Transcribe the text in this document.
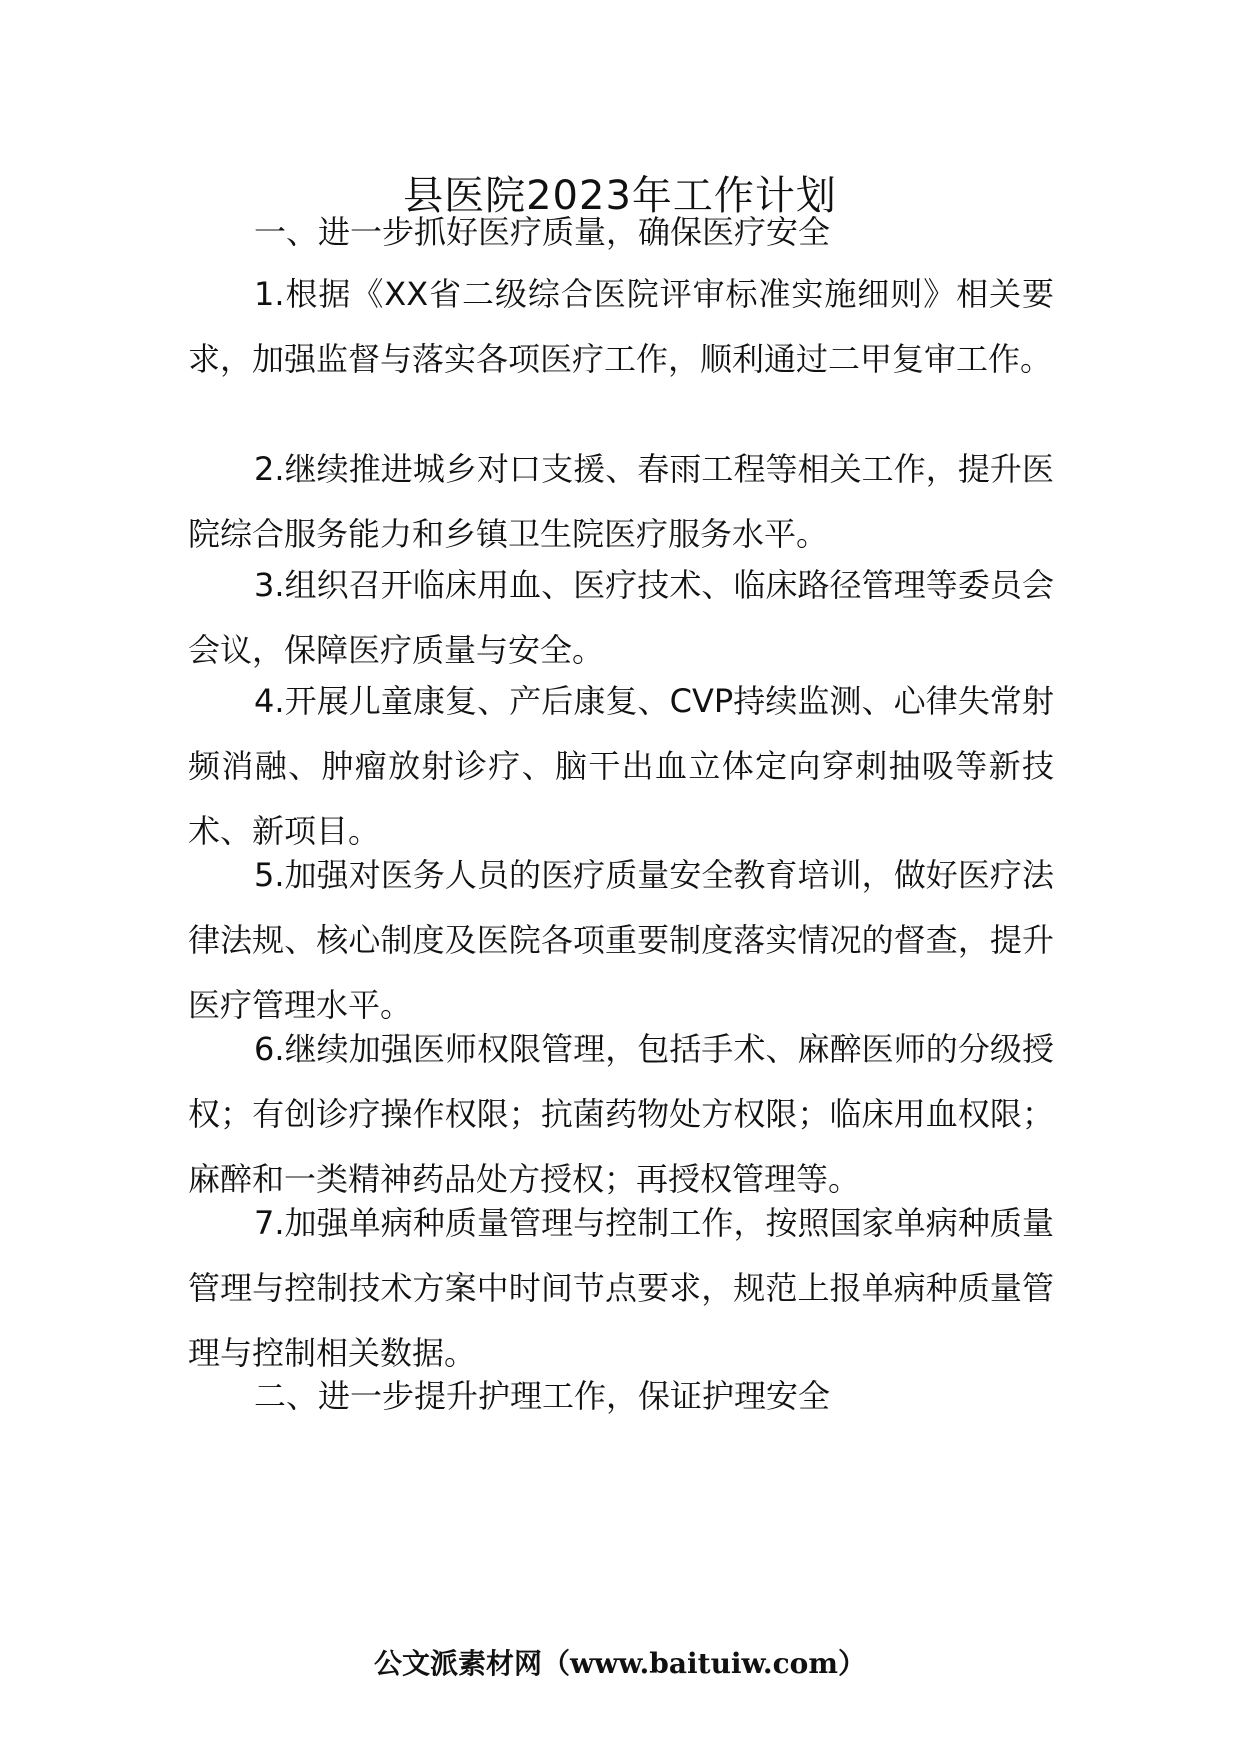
县医院2023年工作计划

一、进一步抓好医疗质量，确保医疗安全

1.根据《XX省二级综合医院评审标准实施细则》相关要求，加强监督与落实各项医疗工作，顺利通过二甲复审工作。

2.继续推进城乡对口支援、春雨工程等相关工作，提升医院综合服务能力和乡镇卫生院医疗服务水平。

3.组织召开临床用血、医疗技术、临床路径管理等委员会会议，保障医疗质量与安全。

4.开展儿童康复、产后康复、CVP持续监测、心律失常射频消融、肿瘤放射诊疗、脑干出血立体定向穿刺抽吸等新技术、新项目。

5.加强对医务人员的医疗质量安全教育培训，做好医疗法律法规、核心制度及医院各项重要制度落实情况的督查，提升医疗管理水平。

6.继续加强医师权限管理，包括手术、麻醉医师的分级授权；有创诊疗操作权限；抗菌药物处方权限；临床用血权限；麻醉和一类精神药品处方授权；再授权管理等。

7.加强单病种质量管理与控制工作，按照国家单病种质量管理与控制技术方案中时间节点要求，规范上报单病种质量管理与控制相关数据。

二、进一步提升护理工作，保证护理安全

公文派素材网（www.baituiw.com）
